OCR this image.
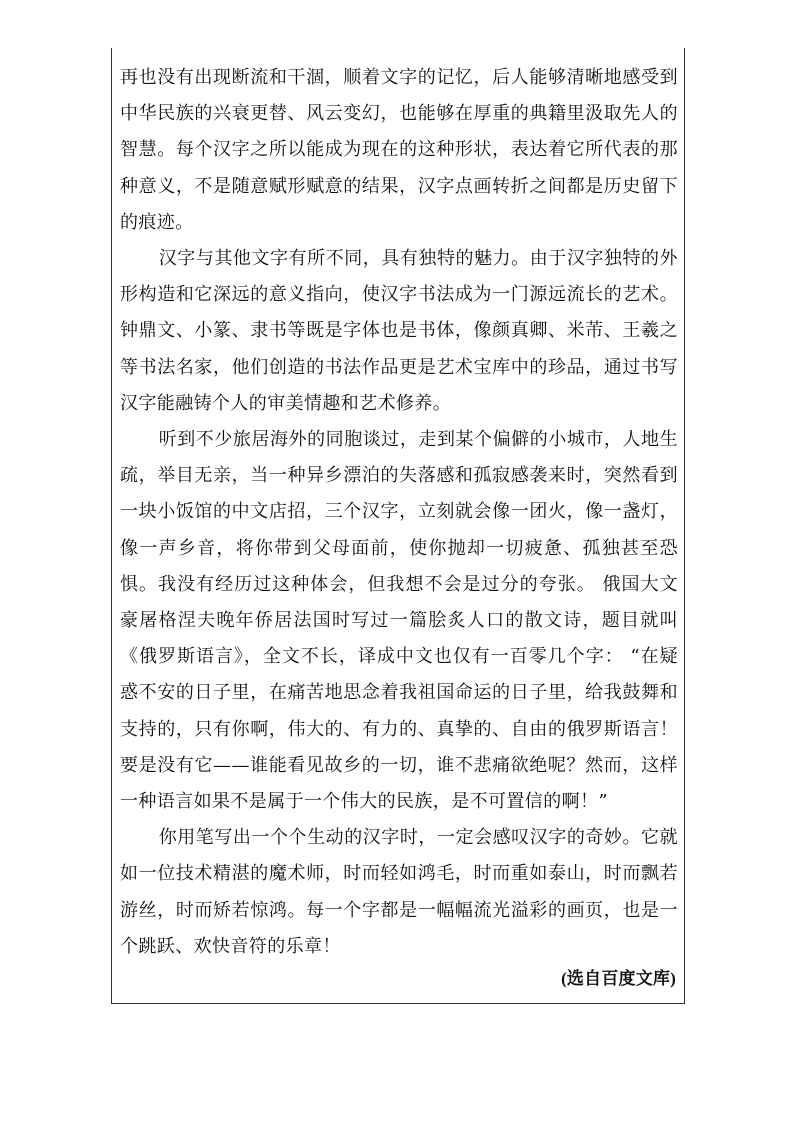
再也没有出现断流和干涸，顺着文字的记忆，后人能够清晰地感受到中华民族的兴衰更替、风云变幻，也能够在厚重的典籍里汲取先人的智慧。每个汉字之所以能成为现在的这种形状，表达着它所代表的那种意义，不是随意赋形赋意的结果，汉字点画转折之间都是历史留下的痕迹。

汉字与其他文字有所不同，具有独特的魅力。由于汉字独特的外形构造和它深远的意义指向，使汉字书法成为一门源远流长的艺术。钟鼎文、小篆、隶书等既是字体也是书体，像颜真卿、米芾、王羲之等书法名家，他们创造的书法作品更是艺术宝库中的珍品，通过书写汉字能融铸个人的审美情趣和艺术修养。

听到不少旅居海外的同胞谈过，走到某个偏僻的小城市，人地生疏，举目无亲，当一种异乡漂泊的失落感和孤寂感袭来时，突然看到一块小饭馆的中文店招，三个汉字，立刻就会像一团火，像一盏灯，像一声乡音，将你带到父母面前，使你抛却一切疲惫、孤独甚至恐惧。我没有经历过这种体会，但我想不会是过分的夸张。 俄国大文豪屠格涅夫晚年侨居法国时写过一篇脍炙人口的散文诗，题目就叫《俄罗斯语言》，全文不长，译成中文也仅有一百零几个字： “在疑惑不安的日子里，在痛苦地思念着我祖国命运的日子里，给我鼓舞和支持的，只有你啊，伟大的、有力的、真挚的、自由的俄罗斯语言！要是没有它——谁能看见故乡的一切，谁不悲痛欲绝呢？然而，这样一种语言如果不是属于一个伟大的民族，是不可置信的啊！”

你用笔写出一个个生动的汉字时，一定会感叹汉字的奇妙。它就如一位技术精湛的魔术师，时而轻如鸿毛，时而重如泰山，时而飘若游丝，时而矫若惊鸿。每一个字都是一幅幅流光溢彩的画页，也是一个跳跃、欢快音符的乐章！

(选自百度文库)
